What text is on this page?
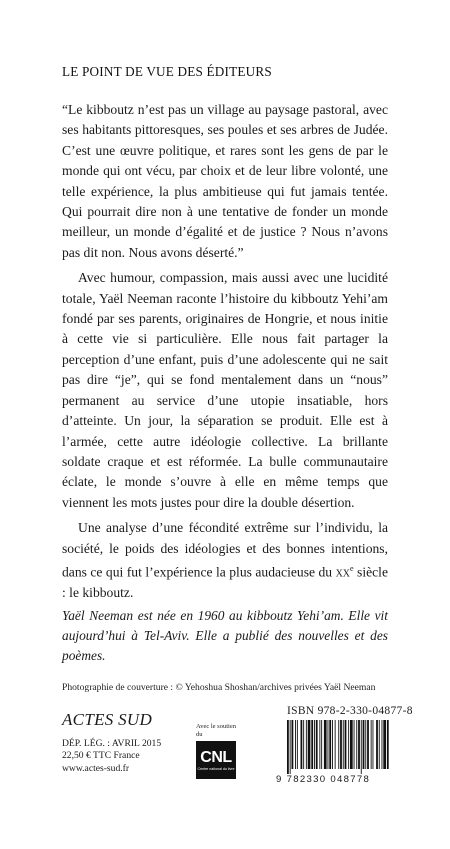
LE POINT DE VUE DES ÉDITEURS

“Le kibboutz n’est pas un village au paysage pastoral, avec ses habitants pittoresques, ses poules et ses arbres de Judée. C’est une œuvre politique, et rares sont les gens de par le monde qui ont vécu, par choix et de leur libre volonté, une telle expérience, la plus ambitieuse qui fut jamais tentée. Qui pourrait dire non à une tentative de fonder un monde meilleur, un monde d’égalité et de justice ? Nous n’avons pas dit non. Nous avons déserté.”

Avec humour, compassion, mais aussi avec une lucidité totale, Yaël Neeman raconte l’histoire du kibboutz Yehi’am fondé par ses parents, originaires de Hongrie, et nous initie à cette vie si particulière. Elle nous fait partager la perception d’une enfant, puis d’une adolescente qui ne sait pas dire “je”, qui se fond mentalement dans un “nous” permanent au service d’une utopie insatiable, hors d’atteinte. Un jour, la séparation se produit. Elle est à l’armée, cette autre idéologie collective. La brillante soldate craque et est réformée. La bulle communautaire éclate, le monde s’ouvre à elle en même temps que viennent les mots justes pour dire la double désertion.

Une analyse d’une fécondité extrême sur l’individu, la société, le poids des idéologies et des bonnes intentions, dans ce qui fut l’expérience la plus audacieuse du $xx^e$ siècle : le kibboutz.

Yaël Neeman est née en 1960 au kibboutz Yehi’am. Elle vit aujourd’hui à Tel-Aviv. Elle a publié des nouvelles et des poèmes.

Photographie de couverture : © Yehoshua Shoshan/archives privées Yaël Neeman
ACTES SUD
DÉP. LÉG. : AVRIL 2015
22,50 € TTC France
www.actes-sud.fr
Avec le soutien du
CNL
Centre national du livre
ISBN 978-2-330-04877-8
9 782330 048778
